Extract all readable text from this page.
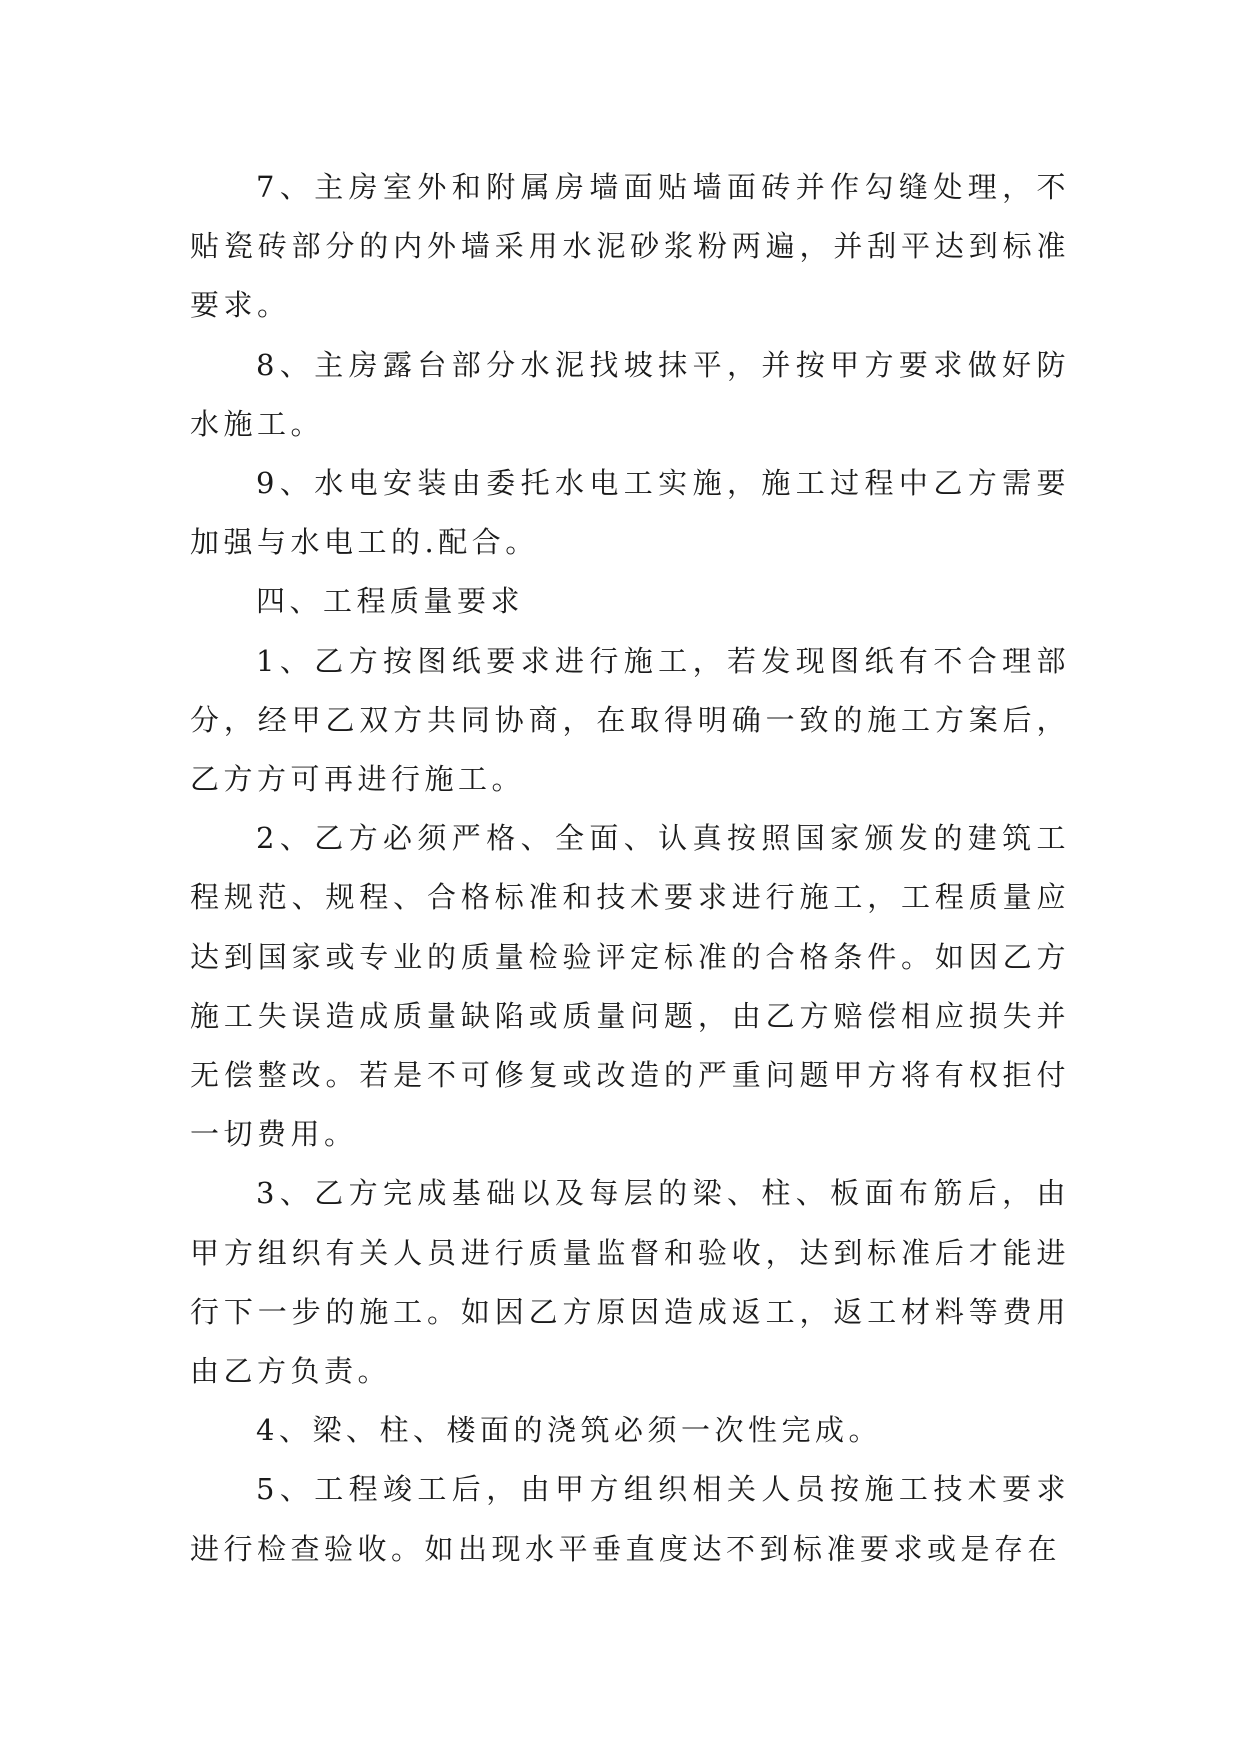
7、主房室外和附属房墙面贴墙面砖并作勾缝处理，不贴瓷砖部分的内外墙采用水泥砂浆粉两遍，并刮平达到标准要求。

8、主房露台部分水泥找坡抹平，并按甲方要求做好防水施工。

9、水电安装由委托水电工实施，施工过程中乙方需要加强与水电工的.配合。

四、工程质量要求

1、乙方按图纸要求进行施工，若发现图纸有不合理部分，经甲乙双方共同协商，在取得明确一致的施工方案后，乙方方可再进行施工。

2、乙方必须严格、全面、认真按照国家颁发的建筑工程规范、规程、合格标准和技术要求进行施工，工程质量应达到国家或专业的质量检验评定标准的合格条件。如因乙方施工失误造成质量缺陷或质量问题，由乙方赔偿相应损失并无偿整改。若是不可修复或改造的严重问题甲方将有权拒付一切费用。

3、乙方完成基础以及每层的梁、柱、板面布筋后，由甲方组织有关人员进行质量监督和验收，达到标准后才能进行下一步的施工。如因乙方原因造成返工，返工材料等费用由乙方负责。

4、梁、柱、楼面的浇筑必须一次性完成。

5、工程竣工后，由甲方组织相关人员按施工技术要求进行检查验收。如出现水平垂直度达不到标准要求或是存在
